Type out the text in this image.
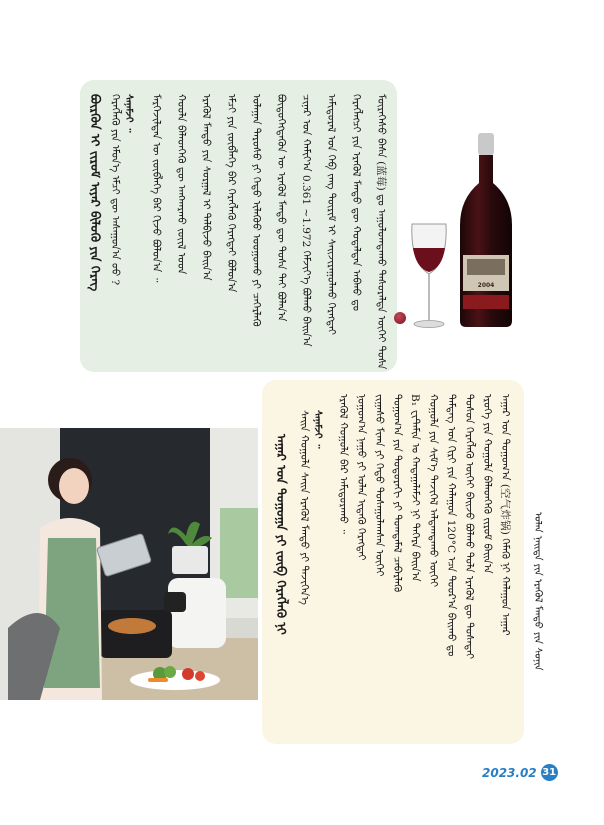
ᠪᠦᠷᠭᠦᠨ ᠢ ᠵᠢᠷᠤᠮ ᠢᠶᠡᠷ ᠪᠢᠯᠦᠬᠦ ᠶᠢᠨ ᠬᠡᠷᠡᠭ ᠬᠡᠷᠡᠭᠯᠡᠬᠦ ᠶᠢᠨ ᠡᠮᠦᠨ᠎ᠡ ᠡᠮᠴᠢ ᠳᠦ ᠠᠰᠠᠭᠤᠨ᠎ᠠ ᠤᠤ ? ᠰᠠᠨᠠᠮᠵᠢ ᠃ ᠮᠡᠷᠭᠡᠵᠢᠯᠲᠡᠨ ᠦ ᠵᠥᠪᠯᠡᠭᠡ ᠪᠡᠷ ᠬᠢᠵᠦ ᠪᠣᠯᠤᠨ᠎ᠠ ᠃ ᠬᠣᠣᠯᠠ ᠪᠡᠯᠡᠳᠬᠡᠬᠦ ᠳᠦ ᠠᠩᠬᠠᠷᠬᠤ ᠵᠦᠢᠯ ᠤᠳ ᠡᠷᠡᠭᠦᠯ ᠮᠡᠨᠳᠦ ᠶᠢᠨ ᠰᠤᠷᠭᠠᠯ ᠢ ᠲᠠᠯᠪᠢᠵᠤ ᠪᠠᠢᠨ᠎ᠠ ᠡᠮᠴᠢ ᠶᠢᠨ ᠵᠥᠪᠯᠡᠭᠡ ᠪᠡᠷ ᠬᠡᠷᠡᠭᠯᠡᠬᠦ ᠬᠡᠷᠡᠭᠲᠡᠢ ᠪᠣᠯᠤᠨ᠎ᠠ ᠤᠯᠠᠭᠠᠨ ᠳᠠᠷᠤᠰᠤ ᠶᠢ ᠬᠡᠲᠦ ᠢᠯᠡᠭᠦᠦ ᠤᠤᠭᠤᠬᠤ ᠶᠢ ᠴᠡᠭᠡᠷᠯᠡᠬᠦ ᠪᠦᠲᠦᠭᠡᠭᠳᠡᠬᠦᠨ ᠦ ᠡᠷᠡᠭᠦᠯ ᠮᠡᠨᠳᠦ ᠳᠦ ᠲᠤᠰᠠ ᠲᠠᠢ ᠪᠣᠯᠠᠨ᠎ᠠ ᠴᠢᠨᠠᠷ ᠤᠨ ᠬᠠᠮᠢᠶ᠎ᠠ 0.361 ~1.972 ᠬᠡᠮᠵᠢᠶ᠎ᠡ ᠪᠣᠯᠬᠤ ᠪᠠᠢᠨ᠎ᠠ ᠠᠮᠢᠳᠤᠷᠠᠯ ᠤᠨ ᠬᠡᠪ ᠵᠠᠩ ᠳᠦᠷᠢᠮ ᠢ ᠰᠠᠢᠵᠢᠷᠠᠭᠤᠯᠬᠤ ᠬᠡᠷᠡᠭᠲᠡᠢ ᠬᠡᠷᠡᠭᠯᠡᠭᠴᠢ ᠶᠢᠨ ᠡᠷᠡᠭᠦᠯ ᠮᠡᠨᠳᠦ ᠳᠦ ᠬᠣᠳᠠᠯᠳᠠᠨ ᠠᠪᠬᠤ ᠳᠤ ᠮᠦᠷᠡᠭᠡᠰᠦ ᠪᠠᠰᠠ (蓝莓) ᠳᠤ ᠠᠭᠤᠯᠤᠭᠳᠠᠬᠤ ᠲᠠᠰᠤᠷᠠᠯᠲᠠ ᠦᠭᠡᠢ ᠲᠤᠰᠠ	2004
ᠠᠭᠠᠷ ᠤᠨ ᠲᠣᠭᠤᠭᠠ ᠶᠢ ᠵᠥᠪ ᠬᠡᠷᠡᠭᠯᠡᠬᠦ ᠨᠢ ᠰᠠᠢᠨ ᠬᠣᠭᠤᠯᠠ ᠰᠠᠢᠨ ᠡᠷᠡᠭᠦᠯ ᠮᠡᠨᠳᠦ ᠶᠢ ᠲᠡᠵᠢᠭᠡᠨ᠎ᠡ ᠰᠠᠨᠠᠮᠵᠢ ᠃ ᠡᠷᠡᠭᠦᠯ ᠬᠣᠭᠤᠯᠠ ᠪᠡᠷ ᠠᠮᠢᠳᠤᠷᠠᠬᠤ ᠃ ᠨᠣᠭᠤᠭ᠎ᠠ ᠨᠠᠭᠤ ᠶᠢ ᠣᠯᠠᠨ ᠢᠳᠡᠬᠦ ᠬᠡᠷᠡᠭᠲᠡᠢ ᠵᠢᠭᠠᠰᠤ ᠮᠢᠬᠠ ᠶᠢ ᠬᠡᠲᠦ ᠲᠤᠰᠠᠭᠤᠯᠠᠭᠰᠠᠨ ᠦᠭᠡᠢ ᠲᠣᠭᠤᠭ᠎ᠠ ᠶᠢᠨ ᠳᠣᠲᠣᠷᠠᠬᠢ ᠶᠢ ᠲᠣᠭᠲᠠᠮᠠᠯ ᠴᠡᠪᠡᠷᠯᠡᠬᠦ B₁ ᠸᠢᠲ᠋ᠠᠮᠢᠨ ᠤ ᠬᠠᠳᠠᠭᠠᠯᠠᠮᠵᠢ ᠨᠢ ᠳᠡᠭᠡᠷᠡ ᠪᠠᠢᠨ᠎ᠠ ᠬᠣᠭᠤᠯᠠ ᠶᠢᠨ ᠰᠢᠮ᠎ᠡ ᠲᠡᠵᠢᠭᠡᠯ ᠠᠯᠳᠠᠭᠳᠠᠬᠤ ᠦᠭᠡᠢ ᠲᠡᠮᠳᠡᠭ ᠤᠨ ᠬᠢᠷᠢ ᠶᠢᠨ ᠬᠠᠯᠠᠭᠤᠨ 120°C ᠡᠴᠡ ᠳᠣᠣᠷ᠎ᠠ ᠪᠠᠢᠬᠤ ᠳᠤ ᠲᠣᠰᠤᠨ ᠬᠡᠷᠡᠭᠯᠡᠬᠦ ᠦᠭᠡᠢ ᠪᠠᠢᠵᠤ ᠪᠣᠯᠬᠤ ᠲᠤᠯᠠ ᠡᠷᠡᠭᠦᠯ ᠳᠦ ᠲᠤᠰᠠᠲᠠᠢ ᠡᠷᠦᠬᠡ ᠶᠢᠨ ᠬᠣᠭᠤᠯᠠ ᠪᠡᠯᠡᠳᠬᠡᠬᠦ ᠵᠢᠷᠤᠮ ᠪᠠᠢᠨ᠎ᠠ ᠠᠭᠠᠷ ᠤᠨ ᠲᠣᠭᠤᠭ᠎ᠠ (空气炸锅) ᠬᠡᠮᠡᠬᠦ ᠨᠢ ᠬᠠᠯᠠᠭᠤᠨ ᠠᠭᠠᠷ ᠣᠯᠠᠨ ᠨᠡᠢᠲᠡ ᠶᠢᠨ ᠡᠷᠡᠭᠦᠯ ᠮᠡᠨᠳᠦ ᠶᠢᠨ ᠰᠣᠨᠢᠨ
2023.02 31
